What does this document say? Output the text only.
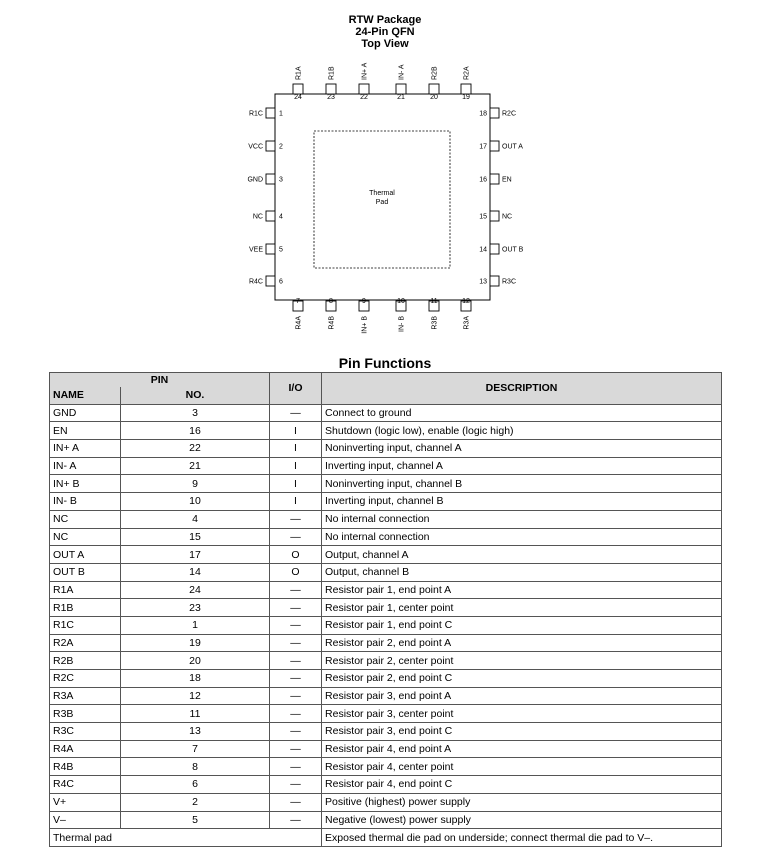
RTW Package
24-Pin QFN
Top View
Thermal
Pad
R1C 1
VCC 2
GND 3
NC 4
VEE 5
R4C 6
18 R2C
17 OUT A
16 EN
15 NC
14 OUT B
13 R3C
R1A
24
R1B
23
IN+ A
22
IN- A
21
R2B
20
R2A
19
7
R4A
8
R4B
9
IN+ B
10
IN- B
11
R3B
12
R3A
Pin Functions
PIN		I/O	DESCRIPTION
NAME	NO.		
GND	3	—	Connect to ground
EN	16	I	Shutdown (logic low), enable (logic high)
IN+ A	22	I	Noninverting input, channel A
IN- A	21	I	Inverting input, channel A
IN+ B	9	I	Noninverting input, channel B
IN- B	10	I	Inverting input, channel B
NC	4	—	No internal connection
NC	15	—	No internal connection
OUT A	17	O	Output, channel A
OUT B	14	O	Output, channel B
R1A	24	—	Resistor pair 1, end point A
R1B	23	—	Resistor pair 1, center point
R1C	1	—	Resistor pair 1, end point C
R2A	19	—	Resistor pair 2, end point A
R2B	20	—	Resistor pair 2, center point
R2C	18	—	Resistor pair 2, end point C
R3A	12	—	Resistor pair 3, end point A
R3B	11	—	Resistor pair 3, center point
R3C	13	—	Resistor pair 3, end point C
R4A	7	—	Resistor pair 4, end point A
R4B	8	—	Resistor pair 4, center point
R4C	6	—	Resistor pair 4, end point C
V+	2	—	Positive (highest) power supply
V–	5	—	Negative (lowest) power supply
Thermal pad			Exposed thermal die pad on underside; connect thermal die pad to V–.
